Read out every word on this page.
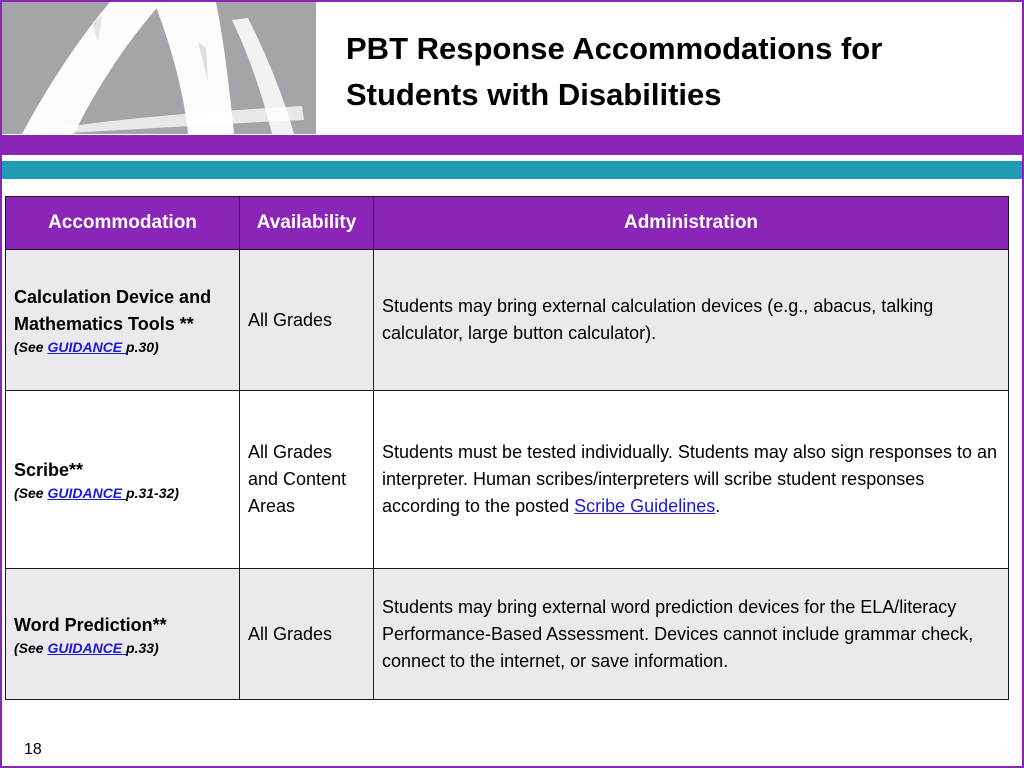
PBT Response Accommodations for
Students with Disabilities
Accommodation	Availability	Administration

Calculation Device and
Mathematics Tools **
(See GUIDANCE p.30)	All Grades	Students may bring external calculation devices (e.g., abacus, talking calculator, large button calculator).

Scribe**
(See GUIDANCE p.31-32)	All Grades and Content Areas	Students must be tested individually. Students may also sign responses to an interpreter. Human scribes/interpreters will scribe student responses according to the posted Scribe Guidelines.

Word Prediction**
(See GUIDANCE p.33)	All Grades	Students may bring external word prediction devices for the ELA/literacy Performance-Based Assessment. Devices cannot include grammar check, connect to the internet, or save information.
18
